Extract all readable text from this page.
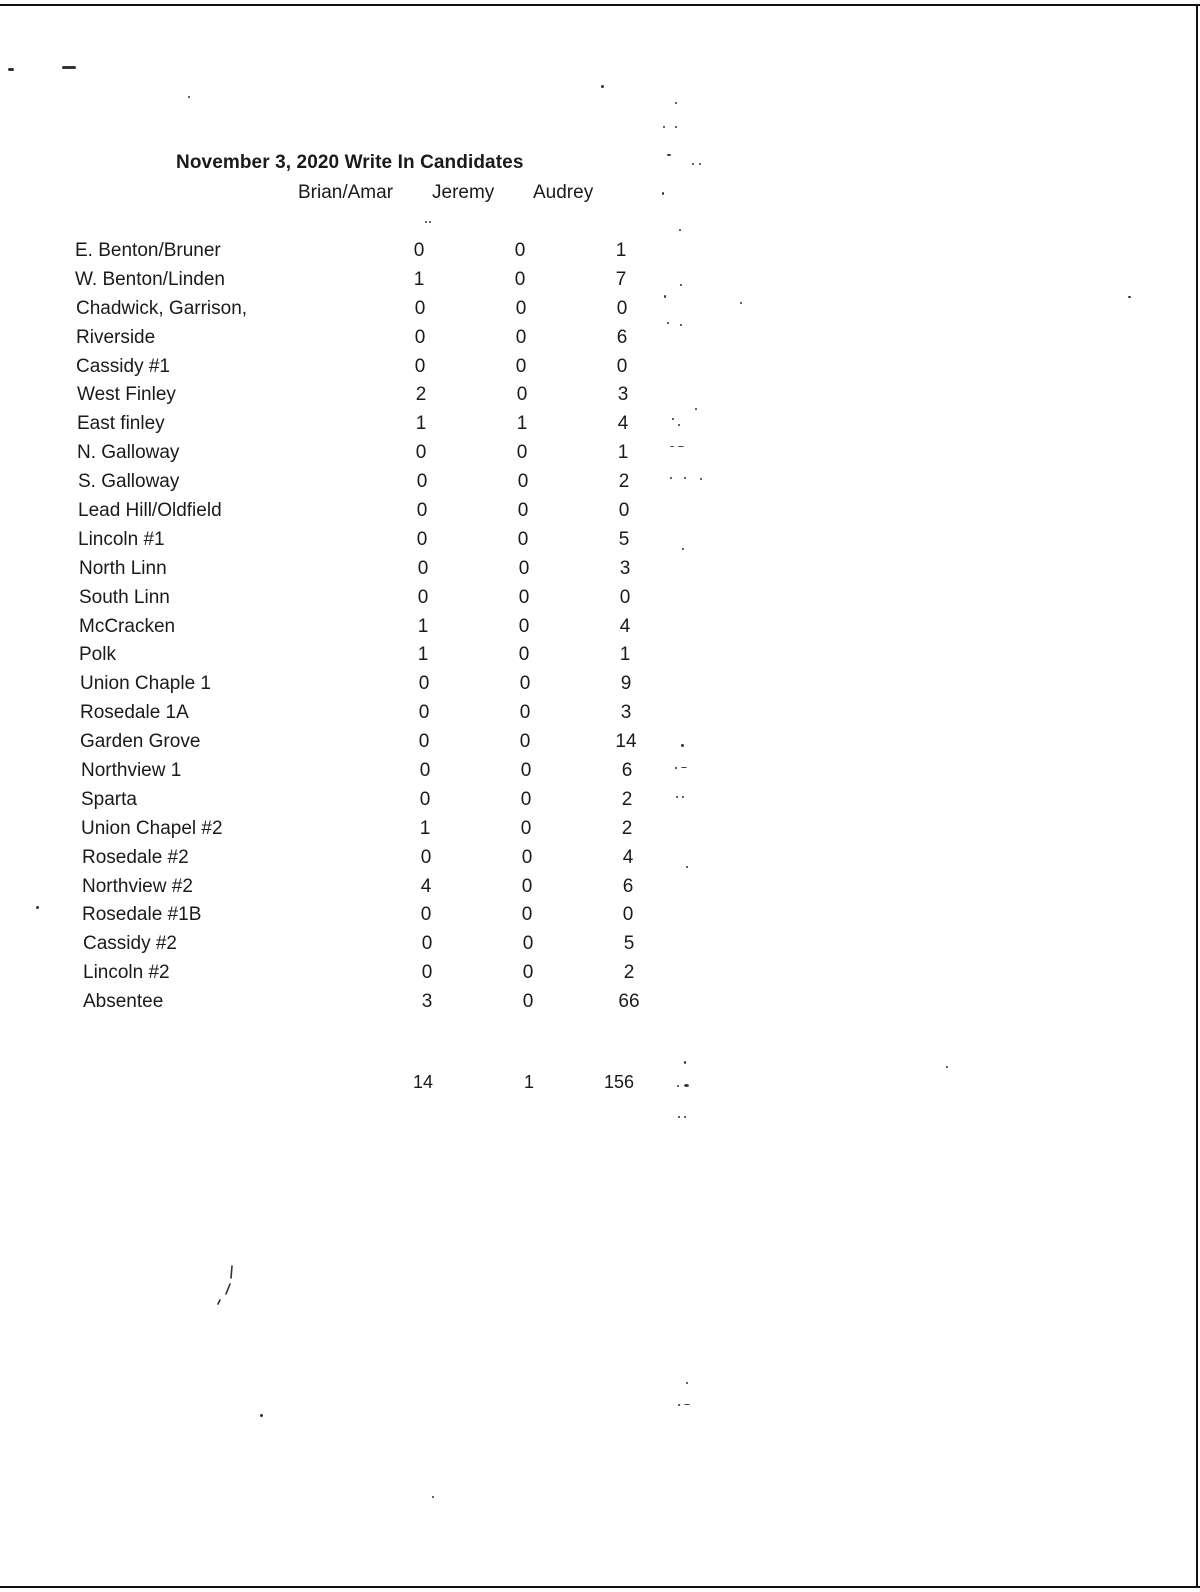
November 3, 2020 Write In Candidates
Brian/Amar Jeremy Audrey
E. Benton/Bruner	0	0	1
W. Benton/Linden	1	0	7
Chadwick, Garrison,	0	0	0
Riverside	0	0	6
Cassidy #1	0	0	0
West Finley	2	0	3
East finley	1	1	4
N. Galloway	0	0	1
S. Galloway	0	0	2
Lead Hill/Oldfield	0	0	0
Lincoln #1	0	0	5
North Linn	0	0	3
South Linn	0	0	0
McCracken	1	0	4
Polk	1	0	1
Union Chaple 1	0	0	9
Rosedale 1A	0	0	3
Garden Grove	0	0	14
Northview 1	0	0	6
Sparta	0	0	2
Union Chapel #2	1	0	2
Rosedale #2	0	0	4
Northview #2	4	0	6
Rosedale #1B	0	0	0
Cassidy #2	0	0	5
Lincoln #2	0	0	2
Absentee	3	0	66
14	1	156
